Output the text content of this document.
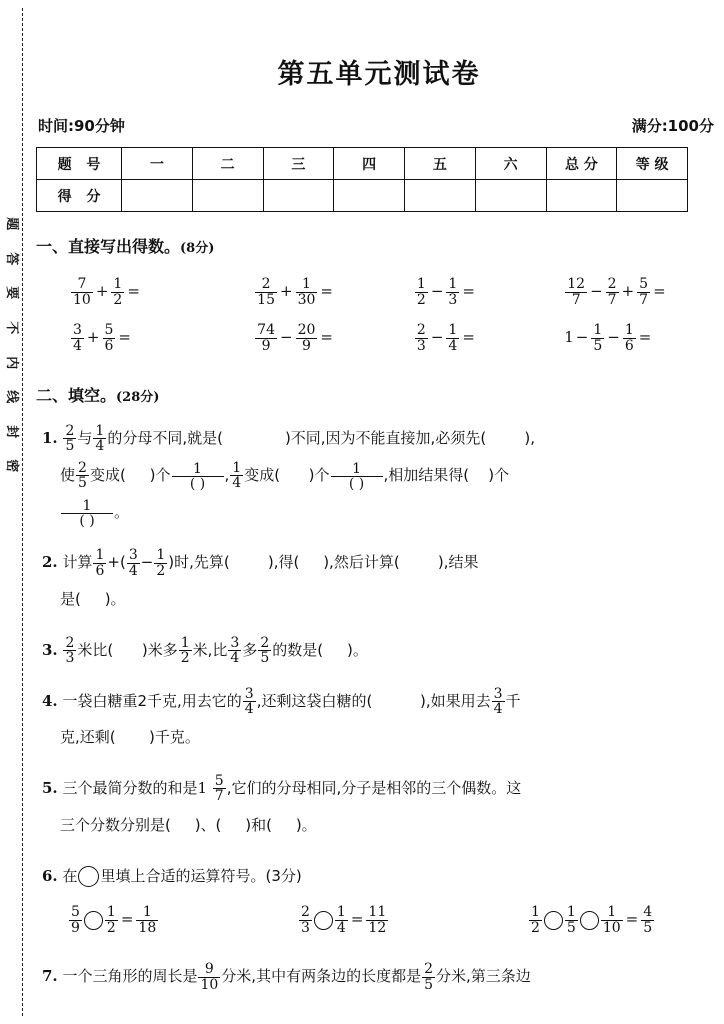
题
答
要
不
内
线
封
密
第五单元测试卷
时间:90分钟	满分:100分
题 号	一	二	三	四	五	六	总 分	等 级
得 分								
一、直接写出得数。(8分)
$\frac{7}{10} + \frac{1}{2}$ =	$\frac{2}{15} + \frac{1}{30}$ =	$\frac{1}{2} - \frac{1}{3}$ =	$\frac{12}{7} - \frac{2}{7} + \frac{5}{7}$ =
$\frac{3}{4} + \frac{5}{6}$ =	$\frac{74}{9} - \frac{20}{9}$ =	$\frac{2}{3} - \frac{1}{4}$ =	$1 - \frac{1}{5} - \frac{1}{6}$ =
二、填空。(28分)
1. $\frac{2}{5}$ 与 $\frac{1}{4}$ 的分母不同,就是(	)不同,因为不能直接加,必须先(	),
使 $\frac{2}{5}$ 变成( )个 $\frac{1}{( )}$ , $\frac{1}{4}$ 变成( )个 $\frac{1}{( )}$ ,相加结果得( )个
$\frac{1}{( )}$ 。
2. 计算 $\frac{1}{6}$ +( $\frac{3}{4} - \frac{1}{2}$ )时,先算(	),得( ),然后计算(	),结果
是( )。
3. $\frac{2}{3}$ 米比( )米多 $\frac{1}{2}$ 米,比 $\frac{3}{4}$ 多 $\frac{2}{5}$ 的数是( )。
4. 一袋白糖重2千克,用去它的 $\frac{3}{4}$ ,还剩这袋白糖的(	),如果用去 $\frac{3}{4}$ 千
克,还剩( )千克。
5. 三个最简分数的和是$1 \frac{5}{7}$ ,它们的分母相同,分子是相邻的三个偶数。这
三个分数分别是( )、( )和( )。
6. 在 里填上合适的运算符号。(3分)
$\frac{5}{9} \frac{1}{2} = \frac{1}{18}$	$\frac{2}{3} \frac{1}{4} = \frac{11}{12}$	$\frac{1}{2} \frac{1}{5} \frac{1}{10} = \frac{4}{5}$
7. 一个三角形的周长是 $\frac{9}{10}$ 分米,其中有两条边的长度都是 $\frac{2}{5}$ 分米,第三条边
